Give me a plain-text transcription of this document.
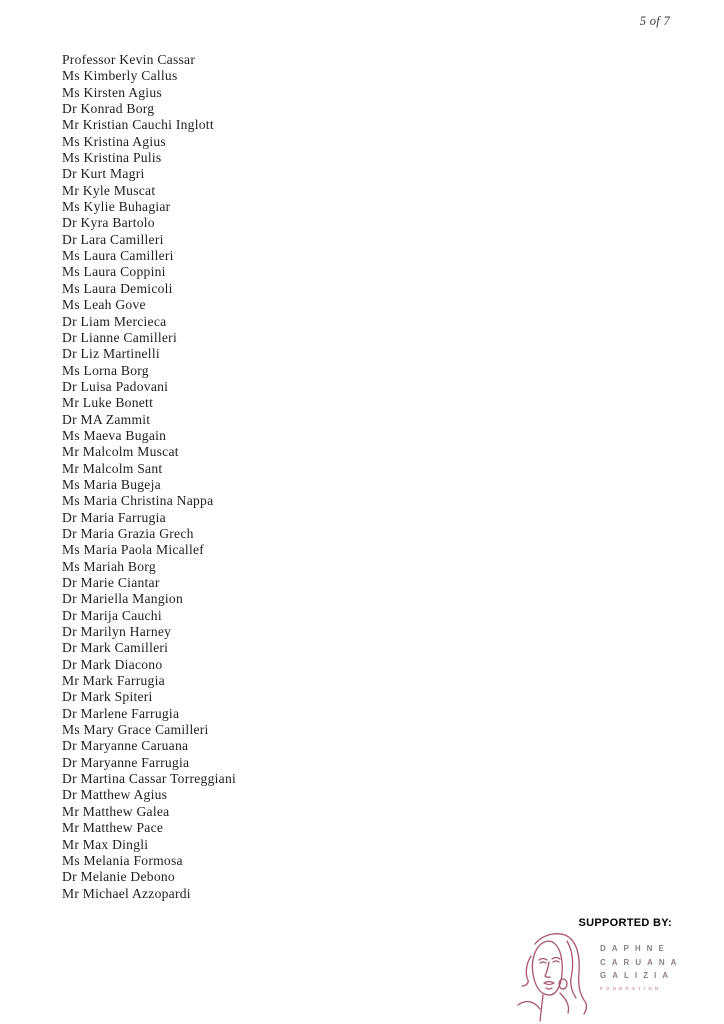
5 of 7
Professor Kevin Cassar
Ms Kimberly Callus
Ms Kirsten Agius
Dr Konrad Borg
Mr Kristian Cauchi Inglott
Ms Kristina Agius
Ms Kristina Pulis
Dr Kurt Magri
Mr Kyle Muscat
Ms Kylie Buhagiar
Dr Kyra Bartolo
Dr Lara Camilleri
Ms Laura Camilleri
Ms Laura Coppini
Ms Laura Demicoli
Ms Leah Gove
Dr Liam Mercieca
Dr Lianne Camilleri
Dr Liz Martinelli
Ms Lorna Borg
Dr Luisa Padovani
Mr Luke Bonett
Dr MA Zammit
Ms Maeva Bugain
Mr Malcolm Muscat
Mr Malcolm Sant
Ms Maria Bugeja
Ms Maria Christina Nappa
Dr Maria Farrugia
Dr Maria Grazia Grech
Ms Maria Paola Micallef
Ms Mariah Borg
Dr Marie Ciantar
Dr Mariella Mangion
Dr Marija Cauchi
Dr Marilyn Harney
Dr Mark Camilleri
Dr Mark Diacono
Mr Mark Farrugia
Dr Mark Spiteri
Dr Marlene Farrugia
Ms Mary Grace Camilleri
Dr Maryanne Caruana
Dr Maryanne Farrugia
Dr Martina Cassar Torreggiani
Dr Matthew Agius
Mr Matthew Galea
Mr Matthew Pace
Mr Max Dingli
Ms Melania Formosa
Dr Melanie Debono
Mr Michael Azzopardi
SUPPORTED BY:
DAPHNE
CARUANA
GALIZIA
FOUNDATION
